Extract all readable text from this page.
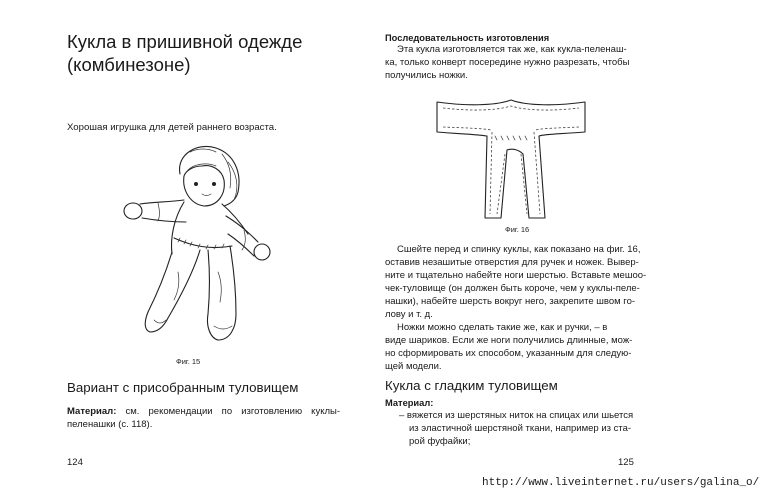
Кукла в пришивной одежде
(комбинезоне)

Хорошая игрушка для детей раннего возраста.

Фиг. 15

Вариант с присобранным туловищем

Материал: см. рекомендации по изготовлению куклы-пеленашки (с. 118).

124

Последовательность изготовления

Эта кукла изготовляется так же, как кукла-пеленаш-
ка, только конверт посередине нужно разрезать, чтобы
получились ножки.

Фиг. 16

Сшейте перед и спинку куклы, как показано на фиг. 16,
оставив незашитые отверстия для ручек и ножек. Вывер-
ните и тщательно набейте ноги шерстью. Вставьте мешоо-
чек-туловище (он должен быть короче, чем у куклы-пеле-
нашки), набейте шерсть вокруг него, закрепите швом го-
лову и т. д.
Ножки можно сделать такие же, как и ручки, – в
виде шариков. Если же ноги получились длинные, мож-
но сформировать их способом, указанным для следую-
щей модели.

Кукла с гладким туловищем

Материал:

– вяжется из шерстяных ниток на спицах или шьется
из эластичной шерстяной ткани, например из ста-
рой фуфайки;

125

http://www.liveinternet.ru/users/galina_o/
